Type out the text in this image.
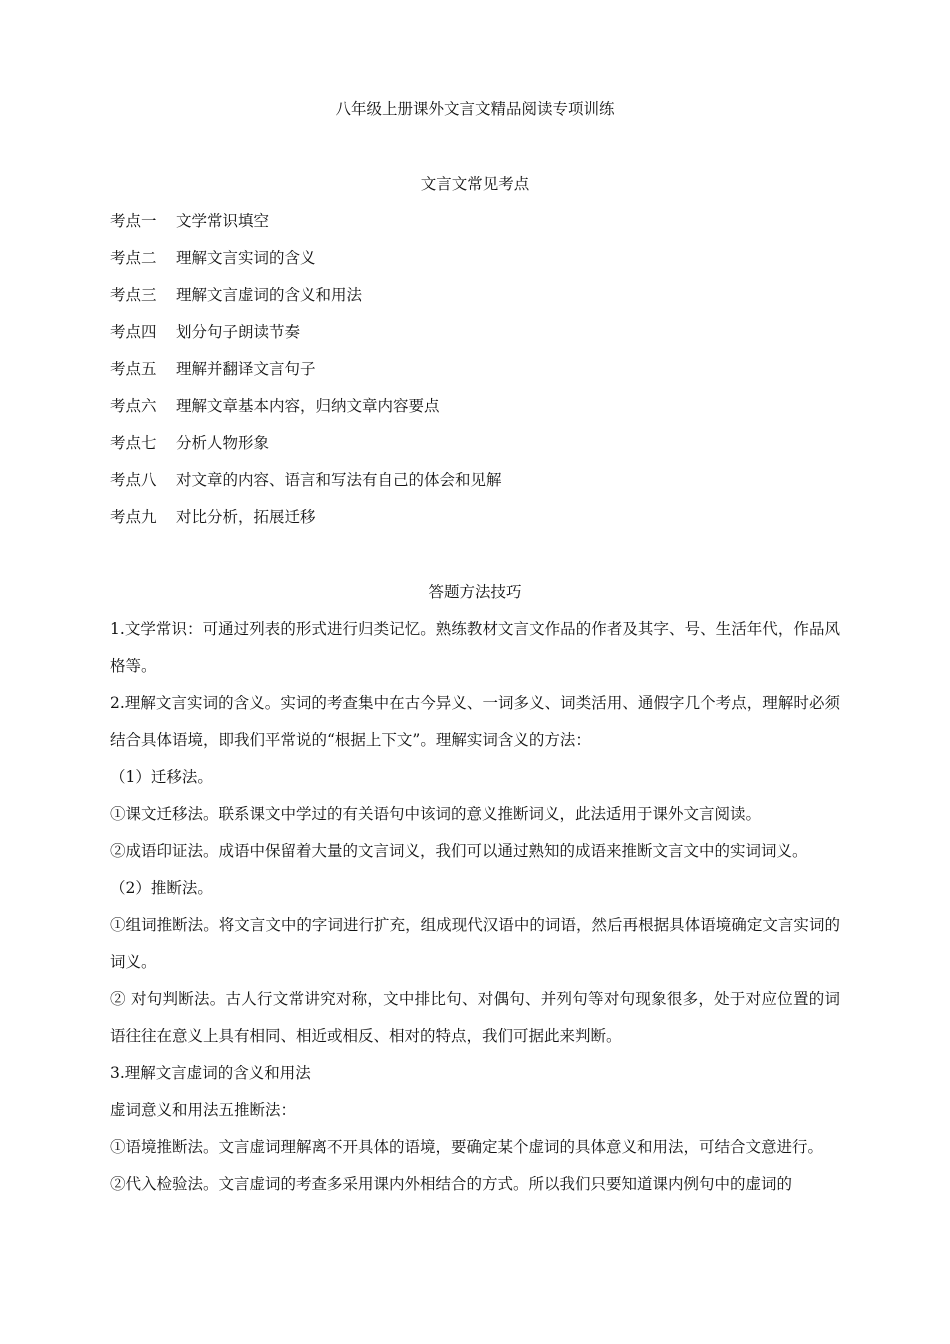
八年级上册课外文言文精品阅读专项训练
文言文常见考点
考点一 文学常识填空
考点二 理解文言实词的含义
考点三 理解文言虚词的含义和用法
考点四 划分句子朗读节奏
考点五 理解并翻译文言句子
考点六 理解文章基本内容，归纳文章内容要点
考点七 分析人物形象
考点八 对文章的内容、语言和写法有自己的体会和见解
考点九 对比分析，拓展迁移
答题方法技巧

1.文学常识：可通过列表的形式进行归类记忆。熟练教材文言文作品的作者及其字、号、生活年代，作品风格等。

2.理解文言实词的含义。实词的考查集中在古今异义、一词多义、词类活用、通假字几个考点，理解时必须结合具体语境，即我们平常说的“根据上下文”。理解实词含义的方法：

（1）迁移法。

①课文迁移法。联系课文中学过的有关语句中该词的意义推断词义，此法适用于课外文言阅读。

②成语印证法。成语中保留着大量的文言词义，我们可以通过熟知的成语来推断文言文中的实词词义。

（2）推断法。

①组词推断法。将文言文中的字词进行扩充，组成现代汉语中的词语，然后再根据具体语境确定文言实词的词义。

② 对句判断法。古人行文常讲究对称，文中排比句、对偶句、并列句等对句现象很多，处于对应位置的词语往往在意义上具有相同、相近或相反、相对的特点，我们可据此来判断。

3.理解文言虚词的含义和用法

虚词意义和用法五推断法：

①语境推断法。文言虚词理解离不开具体的语境，要确定某个虚词的具体意义和用法，可结合文意进行。

②代入检验法。文言虚词的考查多采用课内外相结合的方式。所以我们只要知道课内例句中的虚词的
